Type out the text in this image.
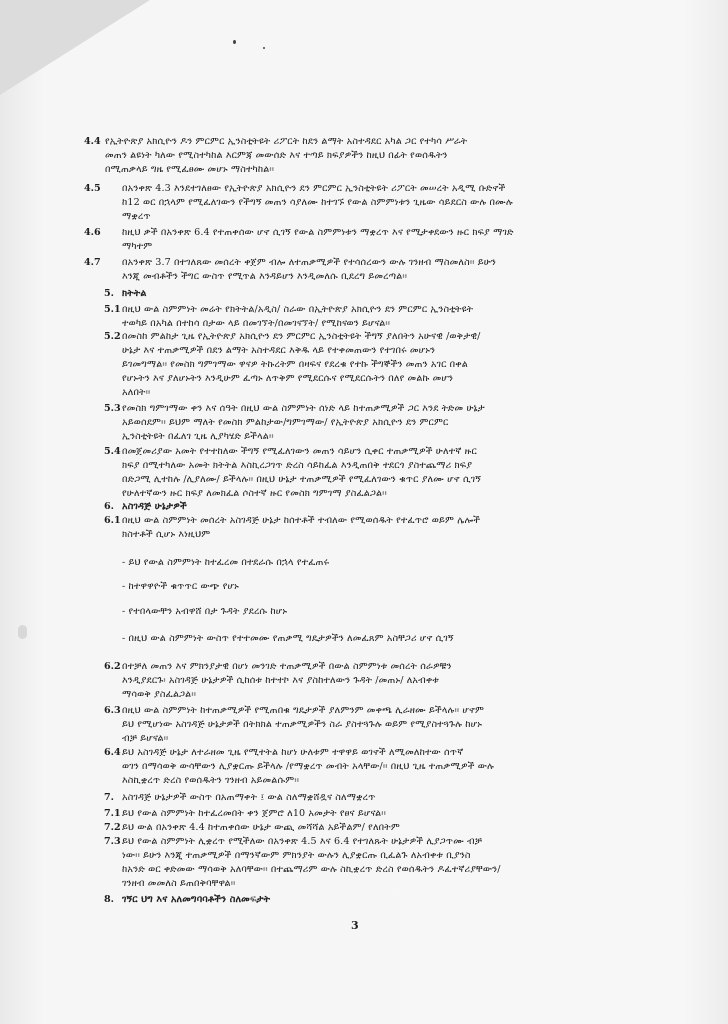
4.4 የኢትዮጵያ አክሲዮን ዶን ምርምር ኢንስቲትዩት ሪፖርት ከደን ልማት አስተዳደር አካል ጋር የተካሳ ሥራት
መጠን ልዩነት ካለው የሚስተካከል እርምጃ መውሰድ እና ተጣይ ክፍያዎችን ከዚህ በፊት የወሰዱትን
በሚጠቃላይ ግዜ የሚፈፀሙ መሆኑ ማስተካከል፡፡
4.5 በአንቀጽ 4.3 እንደተገለፀው የኢትዮጵያ አክሲዮን ደን ምርምር ኢንስቲትዩት ሪፖርት መሠረት አዲሚ ቡድኖች
ከ12 ወር በኋላም የሚፈለገውን የችግኝ መጠን ሳያለሙ ከተገኙ የውል ስምምነቱን ጊዜው ሳይደርስ ውሉ በሙሉ
ማቋረጥ
4.6 ከዚህ ቃች በአንቀጽ 6.4 የተጠቀሰው ሆኖ ሲገኝ የውል ስምምነቱን ማቋረጥ እና የሚታቀደውን ዙር ክፍያ ማገድ
ማካተም
4.7 በአንቀጽ 3.7 በተገለጸው መሰረት ቀጀም ብሎ ለተጠቃሚዎች የተሳሰረውን ውሉ ገንዘብ ማስመለስ፡፡ ይሁን
እንጂ መብቶችን ችግር ውስጥ የሚጥል እንዳይሆን እንዲመለሱ ቢደረግ ይመረጣል፡፡
5. ክትትል
5.1 በዚህ ውል ስምምነት መሬት የክትትል/አዲስ/ ስራው በኢትዮጵያ አክሲዮን ደን ምርምር ኢንስቲትዩት
ተወካይ በአካል በተከሳ በታው ላይ በመገኘት/በመገናኘት/ የሚከናወን ይሆናል፡፡
5.2 በመስከ ምልከታ ጊዜ የኢትዮጵያ አክሲዮን ደን ምርምር ኢንስቲትዩት ችግኝ ያለበትን አሁናዊ /ወቅታዊ/
ሁኔታ እና ተጠቃሚዎች በደን ልማት አስተዳደር እቅዱ ላይ የተቀመጠውን የተገበሩ መሆኑን
ይገመግማል፡፡ የመስክ ግምገማው ዋናዎ ትኩረትም በዛፍና የደረቁ የተኩ ችግኞችን መጠን አገር በቀል
የሆኑትን እና ያለሆኑትን እንዲሁም ፈጣኑ ለጥቅም የሚደርሱና የሚደርሱትን በለየ መልኩ መሆን
አለበት፡፡
5.3 የመስክ ግምገማው ቀን እና ሰዓት በዚህ ውል ስምምነት ሰነድ ላይ ከተጠቃሚዎች ጋር እንደ ትድመ ሁኔታ
አይወሰደም፡፡ ይህም ማለት የመስክ ምልከታው/ግምገማው/ የኢትዮጵያ አክሲዮን ደን ምርምር
ኢንስቲትዩት በፈለገ ጊዜ ሊያካሄድ ይችላል፡፡
5.4 በመጀመሪያው አመት የተተከለው ችግኝ የሚፈለገውን መጠን ሳይሆን ሲቀር ተጠቃሚዎች ሁለተኛ ዙር
ክፍያ በሚተካለው አመት ክትትል እስኪረጋገጥ ድረስ ሳይከፈል እንዲጠበቅ ተደርጎ ያስተጨማሪ ክፍያ
በድጋሚ ሊተከሉ /ሊያለሙ/ ይችላሉ፡፡ በዚህ ሁኔታ ተጠቃሚዎች የሚፈለገውን ቁጥር ያለሙ ሆኖ ሲገኝ
የሁለተኛውን ዙር ክፍያ ለመክፈል ሶስተኛ ዙር የመስክ ግምገማ ያስፈልጋል፡፡
6. አስገዳጅ ሁኔታዎች
6.1 በዚህ ውል ስምምነት መሰረት አስገዳጅ ሁኔታ ከሰተቶች ተብለው የሚወሰዱት የተፈጥሮ ወይም ሌሎች
ክስተቶች ሲሆኑ እነዚህም
- ይህ የውል ስምምነት ከተፈረመ በተደራሱ በኋላ የተፈጠሩ
- ከተዋዋዮች ቁጥጥር ውጭ የሆኑ
- የተበላውቸን አብዋሸ በታ ጉዳት ያደረሱ ከሆኑ
- በዚህ ውል ስምምነት ውስጥ የተተመሙ የጠቃሚ ግዴታዎችን ለመፈጸም አስቸጋሪ ሆኖ ሲገኝ
6.2 በተቻለ መጠን እና ምክንያታዊ በሆነ መንገድ ተጠቃሚዎች በውል ስምምነቱ መሰረት ሰራዎቹን
እንዲያደርጉ፡ አስገዳጅ ሁኔታዎች ሲከሰቱ ከተተኮ እና ያስከተለውን ጉዳት /መጠኑ/ ለአብቀቱ
ማሳወቅ ያስፈልጋል፡፡
6.3 በዚህ ውል ስምምነት ከተጠቃሚዎች የሚጠበቁ ግዴታዎች ያለምንም መቀጫ ሊራዘሙ ይችላሉ፡፡ ሆኖም
ይህ የሚሆነው አስገዳጅ ሁኔታዎች በትክክል ተጠቃሚዎችን ስራ ያስተጓጉሉ ወይም የሚያስተጓጉሉ ከሆኑ
ብቻ ይሆናል፡፡
6.4 ይህ አስገዳጅ ሁኔታ ለተራዘመ ጊዜ የሚተትል ከሆነ ሁለቱም ተዋዋይ ወገኖች ለሚመለከተው ሰጥኛ
ወገን በማሳወቅ ውሳቸውን ሊያቋርጡ ይችላሉ /የማቋረጥ መብት አላቸው/፡፡ በዚህ ጊዜ ተጠቃሚዎች ውሉ
እስኪቋረጥ ድረስ የወሰዱትን ገንዘብ አይመልሱም፡፡
7. አስገዳጅ ሁኔታዎች ውስጥ በአጠማቀት ፤ ውል ስለማቋሸዷና ስለማቋረጥ
7.1 ይህ የውል ስምምነት ከተፈረመበት ቀን ጀምሮ ለ10 አመታት የፀና ይሆናል፡፡
7.2 ይህ ውል በአንቀጽ 4.4 ከተጠቀሰው ሁኔታ ውጪ መሻሻል አይችልም/ የለበትም
7.3 ይህ የውል ስምምነት ሊቋረጥ የሚችለው በአንቀጽ 4.5 እና 6.4 የተገለጹት ሁኔታዎች ሊያጋጥሙ ብቻ
ነው፡፡ ይሁን እንጂ ተጠቃሚዎች በማንኛውም ምክንያት ውሉን ሊያቋርጡ ቢፈልጉ ለአብቀቱ ቢያንስ
ከአንድ ወር ቀድመው ማሳወቅ አለባቸው፡፡ በተጨማሪም ውሉ ስኪቋረጥ ድረስ የወሰዱትን ዶፈተኛሪያቸውን/
ገንዘብ መመለስ ይጠበቅባቸዋል፡፡
8. ገኝር ህግ እና አለመግባባቶችን ስለመፍታት
3
